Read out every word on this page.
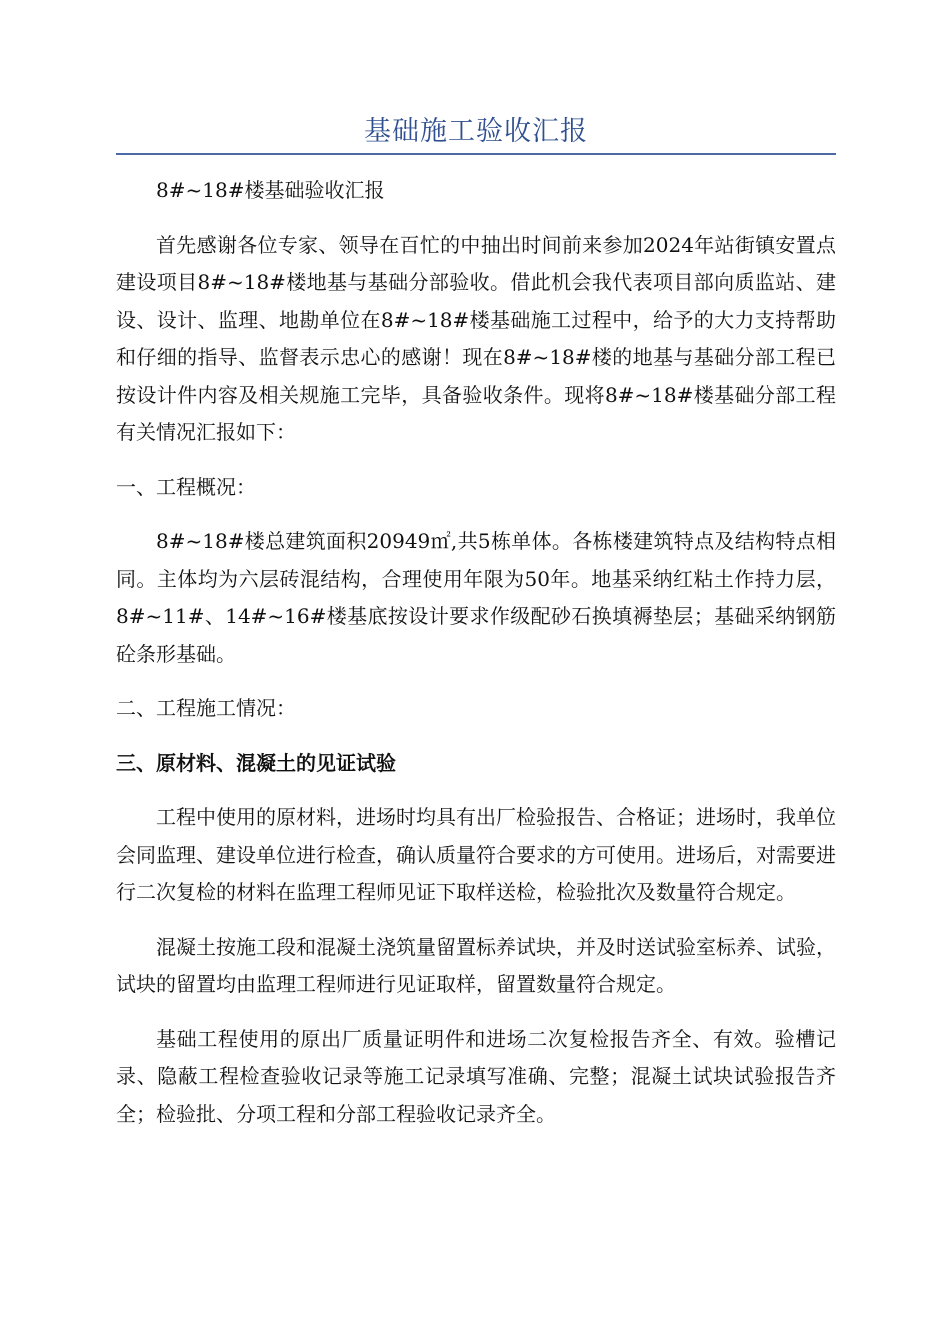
基础施工验收汇报

8#~18#楼基础验收汇报

首先感谢各位专家、领导在百忙的中抽出时间前来参加2024年站街镇安置点建设项目8#~18#楼地基与基础分部验收。借此机会我代表项目部向质监站、建设、设计、监理、地勘单位在8#~18#楼基础施工过程中，给予的大力支持帮助和仔细的指导、监督表示忠心的感谢！现在8#~18#楼的地基与基础分部工程已按设计件内容及相关规施工完毕，具备验收条件。现将8#~18#楼基础分部工程有关情况汇报如下：

一、工程概况：

8#~18#楼总建筑面积20949㎡,共5栋单体。各栋楼建筑特点及结构特点相同。主体均为六层砖混结构，合理使用年限为50年。地基采纳红粘土作持力层，8#~11#、14#~16#楼基底按设计要求作级配砂石换填褥垫层；基础采纳钢筋砼条形基础。

二、工程施工情况：

三、原材料、混凝土的见证试验

工程中使用的原材料，进场时均具有出厂检验报告、合格证；进场时，我单位会同监理、建设单位进行检查，确认质量符合要求的方可使用。进场后，对需要进行二次复检的材料在监理工程师见证下取样送检，检验批次及数量符合规定。

混凝土按施工段和混凝土浇筑量留置标养试块，并及时送试验室标养、试验，试块的留置均由监理工程师进行见证取样，留置数量符合规定。

基础工程使用的原出厂质量证明件和进场二次复检报告齐全、有效。验槽记录、隐蔽工程检查验收记录等施工记录填写准确、完整；混凝土试块试验报告齐全；检验批、分项工程和分部工程验收记录齐全。
